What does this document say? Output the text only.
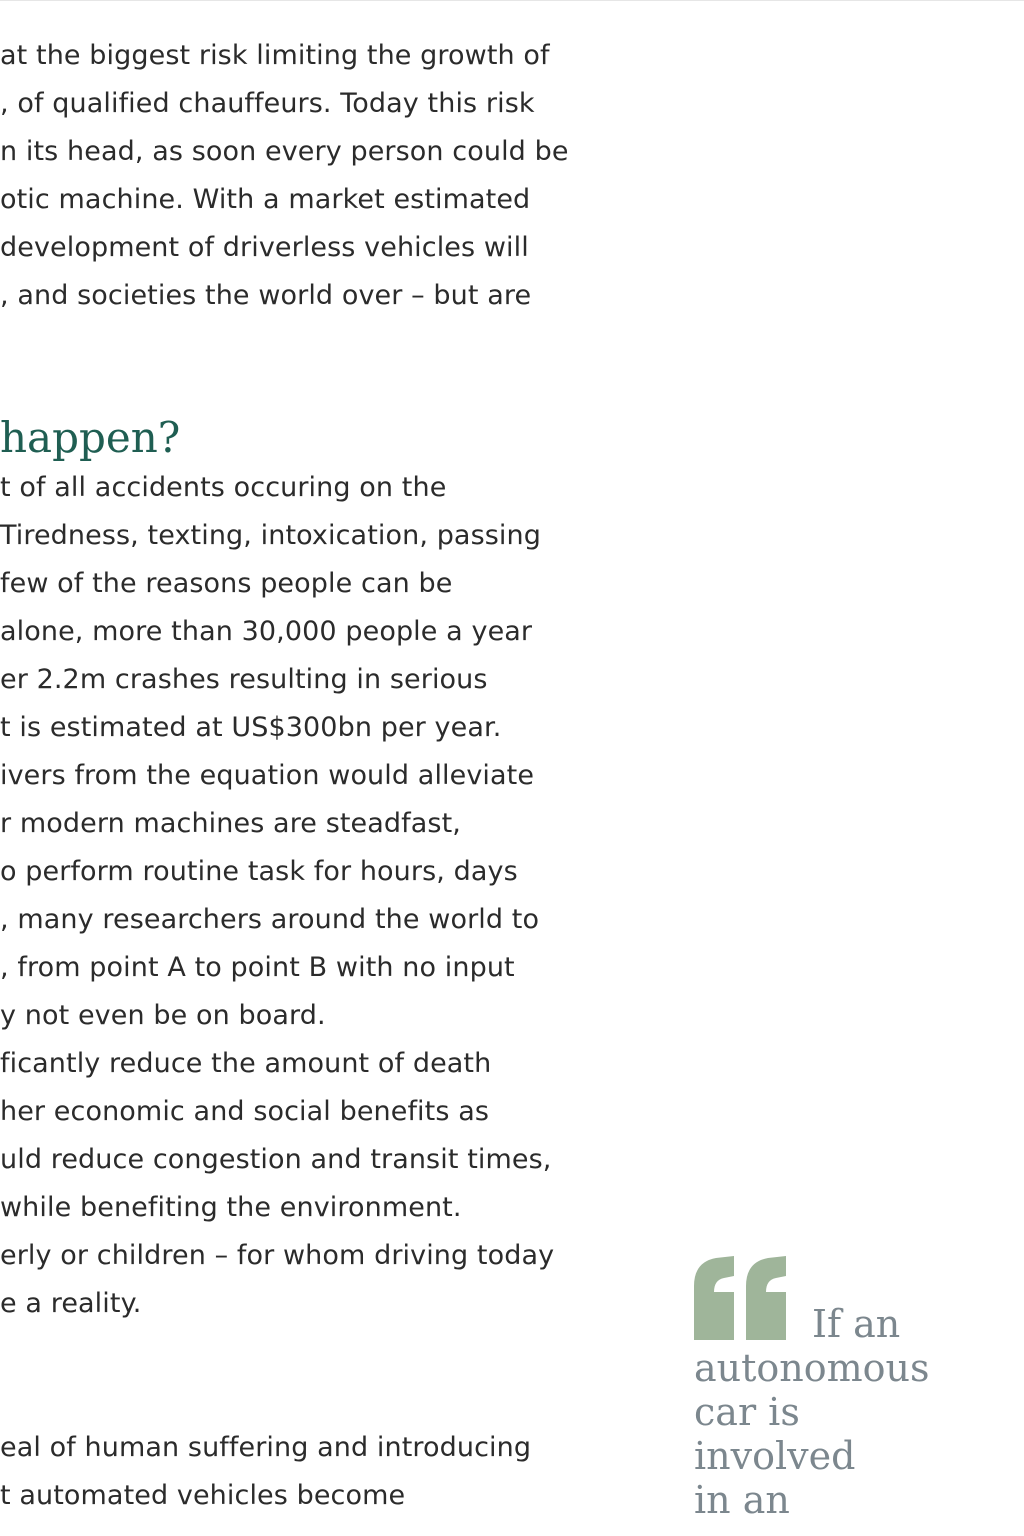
at the biggest risk limiting the growth of
, of qualified chauffeurs. Today this risk
n its head, as soon every person could be
otic machine. With a market estimated
development of driverless vehicles will
, and societies the world over – but are
happen?
t of all accidents occuring on the
Tiredness, texting, intoxication, passing
few of the reasons people can be
alone, more than 30,000 people a year
er 2.2m crashes resulting in serious
t is estimated at US$300bn per year.
ivers from the equation would alleviate
r modern machines are steadfast,
o perform routine task for hours, days
, many researchers around the world to
, from point A to point B with no input
y not even be on board.
ficantly reduce the amount of death
her economic and social benefits as
uld reduce congestion and transit times,
while benefiting the environment.
erly or children – for whom driving today
e a reality.
eal of human suffering and introducing
t automated vehicles become
If an
autonomous
car is
involved
in an
